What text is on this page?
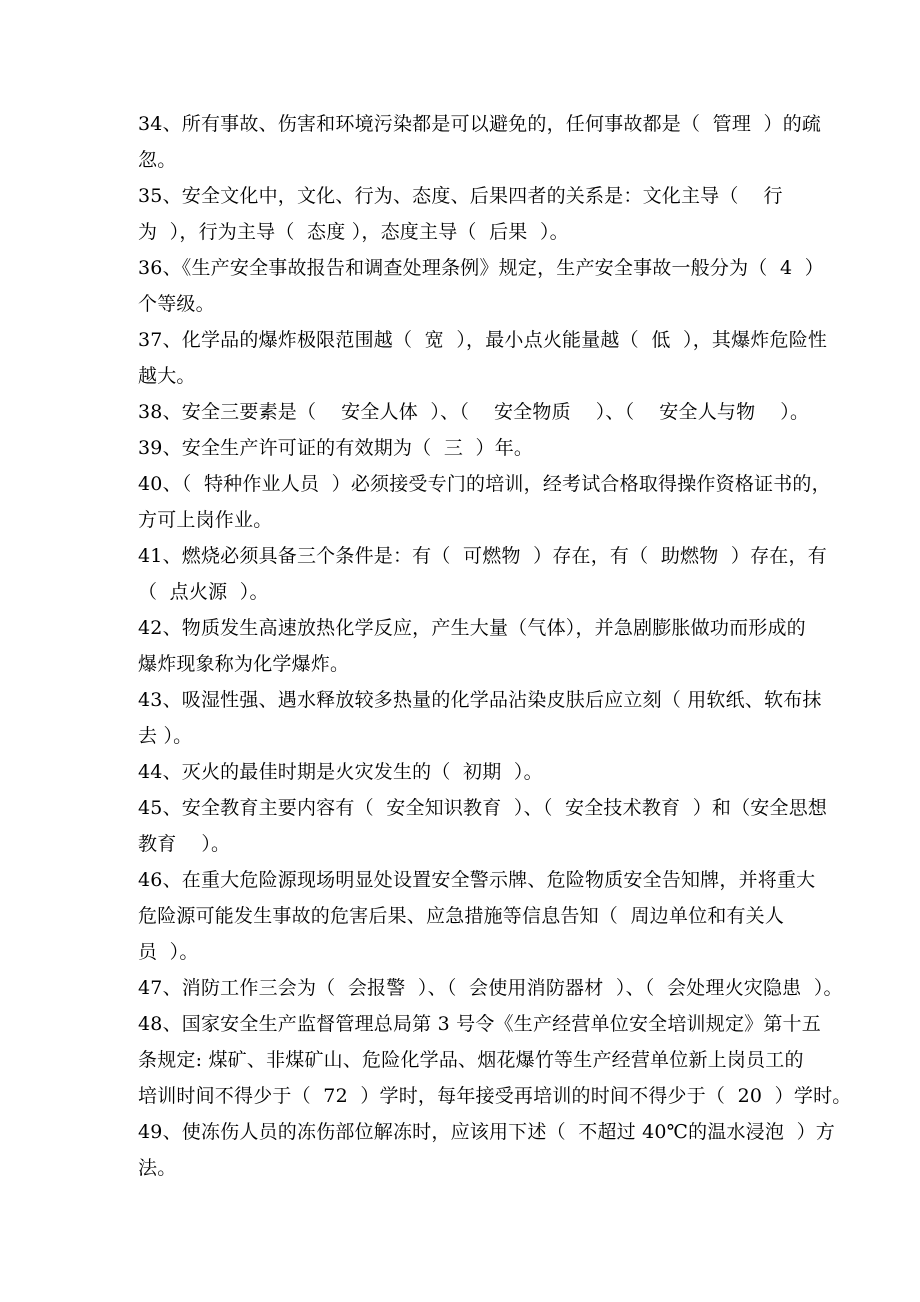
34、所有事故、伤害和环境污染都是可以避免的，任何事故都是（  管理  ）的疏
忽。
35、安全文化中，文化、行为、态度、后果四者的关系是：文化主导（    行
为  ），行为主导（  态度 ），态度主导（  后果  ）。
36、《生产安全事故报告和调查处理条例》规定，生产安全事故一般分为（  4  ）
个等级。
37、化学品的爆炸极限范围越（  宽  ），最小点火能量越（  低  ），其爆炸危险性
越大。
38、安全三要素是（    安全人体  ）、（    安全物质    ）、（    安全人与物    ）。
39、安全生产许可证的有效期为（  三  ）年。
40、（  特种作业人员  ）必须接受专门的培训，经考试合格取得操作资格证书的，
方可上岗作业。
41、燃烧必须具备三个条件是：有（  可燃物  ）存在，有（  助燃物  ）存在，有
（  点火源  ）。
42、物质发生高速放热化学反应，产生大量（气体），并急剧膨胀做功而形成的
爆炸现象称为化学爆炸。
43、吸湿性强、遇水释放较多热量的化学品沾染皮肤后应立刻（ 用软纸、软布抹
去 ）。
44、灭火的最佳时期是火灾发生的（  初期  ）。
45、安全教育主要内容有（  安全知识教育  ）、（  安全技术教育  ）和（安全思想
教育    ）。
46、在重大危险源现场明显处设置安全警示牌、危险物质安全告知牌，并将重大
危险源可能发生事故的危害后果、应急措施等信息告知（  周边单位和有关人
员  ）。
47、消防工作三会为（  会报警  ）、（  会使用消防器材  ）、（  会处理火灾隐患  ）。
48、国家安全生产监督管理总局第 3 号令《生产经营单位安全培训规定》第十五
条规定: 煤矿、非煤矿山、危险化学品、烟花爆竹等生产经营单位新上岗员工的
培训时间不得少于（  72  ）学时，每年接受再培训的时间不得少于（  20  ）学时。
49、使冻伤人员的冻伤部位解冻时，应该用下述（  不超过 40℃的温水浸泡  ）方
法。
